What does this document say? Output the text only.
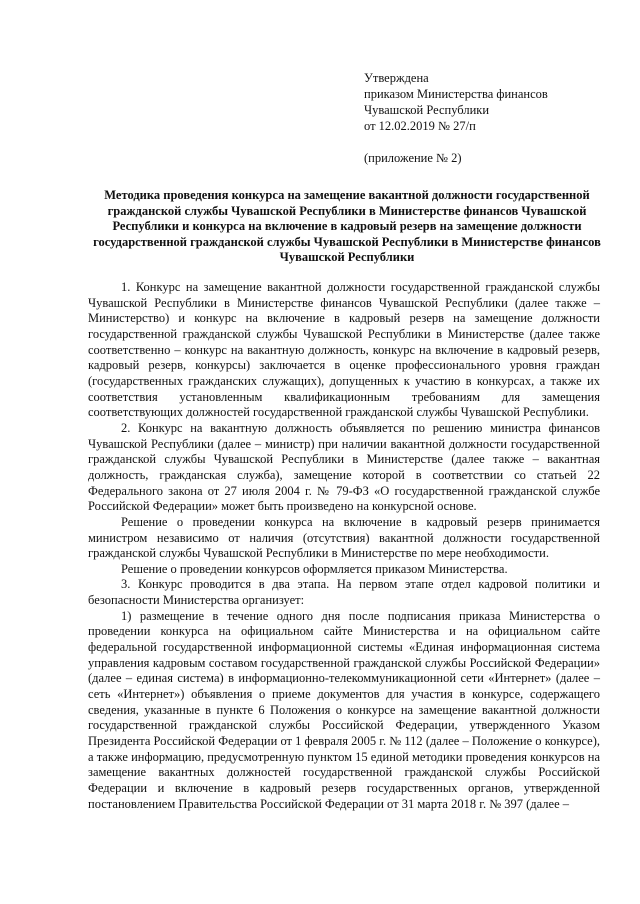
Утверждена
приказом Министерства финансов
Чувашской Республики
от 12.02.2019 № 27/п
(приложение № 2)
Методика проведения конкурса на замещение вакантной должности государственной гражданской службы Чувашской Республики в Министерстве финансов Чувашской Республики и конкурса на включение в кадровый резерв на замещение должности государственной гражданской службы Чувашской Республики в Министерстве финансов Чувашской Республики

1. Конкурс на замещение вакантной должности государственной гражданской службы Чувашской Республики в Министерстве финансов Чувашской Республики (далее также – Министерство) и конкурс на включение в кадровый резерв на замещение должности государственной гражданской службы Чувашской Республики в Министерстве (далее также соответственно – конкурс на вакантную должность, конкурс на включение в кадровый резерв, кадровый резерв, конкурсы) заключается в оценке профессионального уровня граждан (государственных гражданских служащих), допущенных к участию в конкурсах, а также их соответствия установленным квалификационным требованиям для замещения соответствующих должностей государственной гражданской службы Чувашской Республики.

2. Конкурс на вакантную должность объявляется по решению министра финансов Чувашской Республики (далее – министр) при наличии вакантной должности государственной гражданской службы Чувашской Республики в Министерстве (далее также – вакантная должность, гражданская служба), замещение которой в соответствии со статьей 22 Федерального закона от 27 июля 2004 г. № 79-ФЗ «О государственной гражданской службе Российской Федерации» может быть произведено на конкурсной основе.

Решение о проведении конкурса на включение в кадровый резерв принимается министром независимо от наличия (отсутствия) вакантной должности государственной гражданской службы Чувашской Республики в Министерстве по мере необходимости.

Решение о проведении конкурсов оформляется приказом Министерства.

3. Конкурс проводится в два этапа. На первом этапе отдел кадровой политики и безопасности Министерства организует:

1) размещение в течение одного дня после подписания приказа Министерства о проведении конкурса на официальном сайте Министерства и на официальном сайте федеральной государственной информационной системы «Единая информационная система управления кадровым составом государственной гражданской службы Российской Федерации» (далее – единая система) в информационно-телекоммуникационной сети «Интернет» (далее – сеть «Интернет») объявления о приеме документов для участия в конкурсе, содержащего сведения, указанные в пункте 6 Положения о конкурсе на замещение вакантной должности государственной гражданской службы Российской Федерации, утвержденного Указом Президента Российской Федерации от 1 февраля 2005 г. № 112 (далее – Положение о конкурсе), а также информацию, предусмотренную пунктом 15 единой методики проведения конкурсов на замещение вакантных должностей государственной гражданской службы Российской Федерации и включение в кадровый резерв государственных органов, утвержденной постановлением Правительства Российской Федерации от 31 марта 2018 г. № 397 (далее –
